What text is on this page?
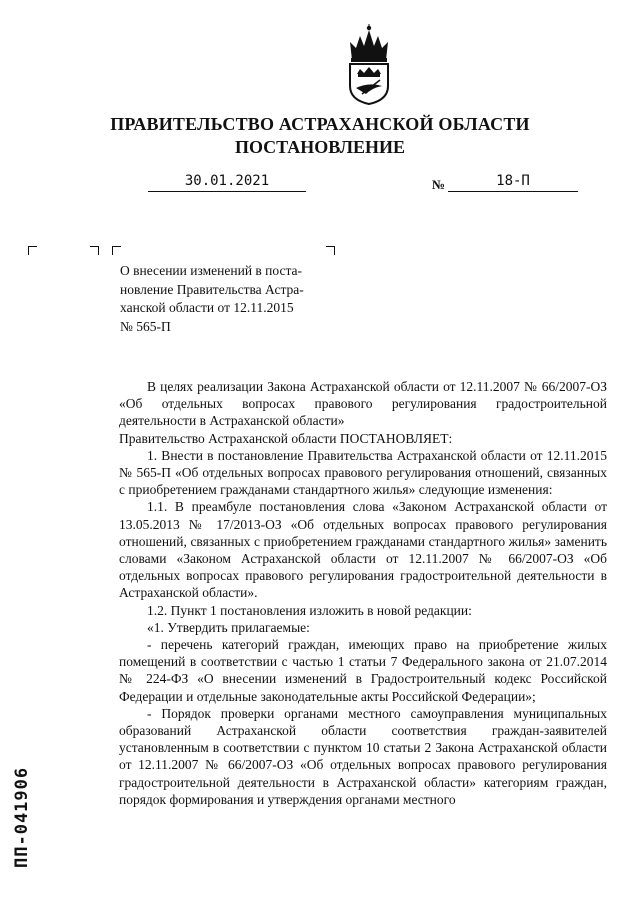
ПРАВИТЕЛЬСТВО АСТРАХАНСКОЙ ОБЛАСТИ
ПОСТАНОВЛЕНИЕ
30.01.2021	№	18-П

О внесении изменений в поста-

новление Правительства Астра-

ханской области от 12.11.2015

№ 565-П

В целях реализации Закона Астраханской области от 12.11.2007 № 66/2007-ОЗ «Об отдельных вопросах правового регулирования градостроительной деятельности в Астраханской области»

Правительство Астраханской области ПОСТАНОВЛЯЕТ:

1. Внести в постановление Правительства Астраханской области от 12.11.2015 № 565-П «Об отдельных вопросах правового регулирования отношений, связанных с приобретением гражданами стандартного жилья» следующие изменения:

1.1. В преамбуле постановления слова «Законом Астраханской области от 13.05.2013 № 17/2013-ОЗ «Об отдельных вопросах правового регулирования отношений, связанных с приобретением гражданами стандартного жилья» заменить словами «Законом Астраханской области от 12.11.2007 № 66/2007-ОЗ «Об отдельных вопросах правового регулирования градостроительной деятельности в Астраханской области».

1.2. Пункт 1 постановления изложить в новой редакции:

«1. Утвердить прилагаемые:

- перечень категорий граждан, имеющих право на приобретение жилых помещений в соответствии с частью 1 статьи 7 Федерального закона от 21.07.2014 № 224-ФЗ «О внесении изменений в Градостроительный кодекс Российской Федерации и отдельные законодательные акты Российской Федерации»;

- Порядок проверки органами местного самоуправления муниципальных образований Астраханской области соответствия граждан-заявителей установленным в соответствии с пунктом 10 статьи 2 Закона Астраханской области от 12.11.2007 № 66/2007-ОЗ «Об отдельных вопросах правового регулирования градостроительной деятельности в Астраханской области» категориям граждан, порядок формирования и утверждения органами местного

ПП-041906
